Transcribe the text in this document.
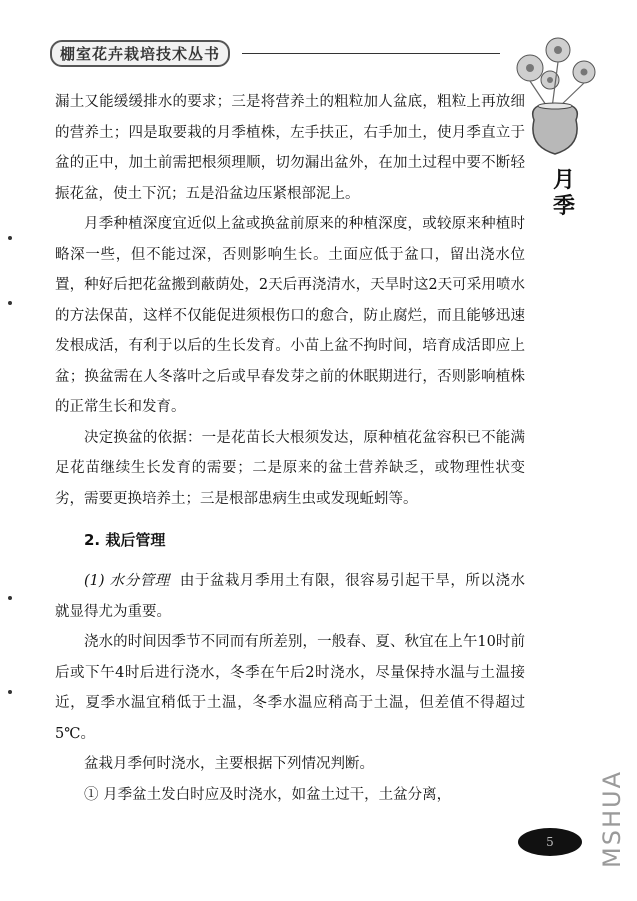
棚室花卉栽培技术丛书
月季

漏土又能缓缓排水的要求；三是将营养土的粗粒加人盆底，粗粒上再放细的营养土；四是取要栽的月季植株，左手扶正，右手加土，使月季直立于盆的正中，加土前需把根须理顺，切勿漏出盆外，在加土过程中要不断轻振花盆，使土下沉；五是沿盆边压紧根部泥上。

月季种植深度宜近似上盆或换盆前原来的种植深度，或较原来种植时略深一些，但不能过深，否则影响生长。土面应低于盆口，留出浇水位置，种好后把花盆搬到蔽荫处，2天后再浇清水，天旱时这2天可采用喷水的方法保苗，这样不仅能促进须根伤口的愈合，防止腐烂，而且能够迅速发根成活，有利于以后的生长发育。小苗上盆不拘时间，培育成活即应上盆；换盆需在人冬落叶之后或早春发芽之前的休眠期进行，否则影响植株的正常生长和发育。

决定换盆的依据：一是花苗长大根须发达，原种植花盆容积已不能满足花苗继续生长发育的需要；二是原来的盆土营养缺乏，或物理性状变劣，需要更换培养土；三是根部患病生虫或发现蚯蚓等。

2. 栽后管理

(1) 水分管理 由于盆栽月季用土有限，很容易引起干旱，所以浇水就显得尤为重要。

浇水的时间因季节不同而有所差别，一般春、夏、秋宜在上午10时前后或下午4时后进行浇水，冬季在午后2时浇水，尽量保持水温与土温接近，夏季水温宜稍低于土温，冬季水温应稍高于土温，但差值不得超过5℃。

盆栽月季何时浇水，主要根据下列情况判断。

① 月季盆土发白时应及时浇水，如盆土过干，土盆分离，

5	MSHUA
